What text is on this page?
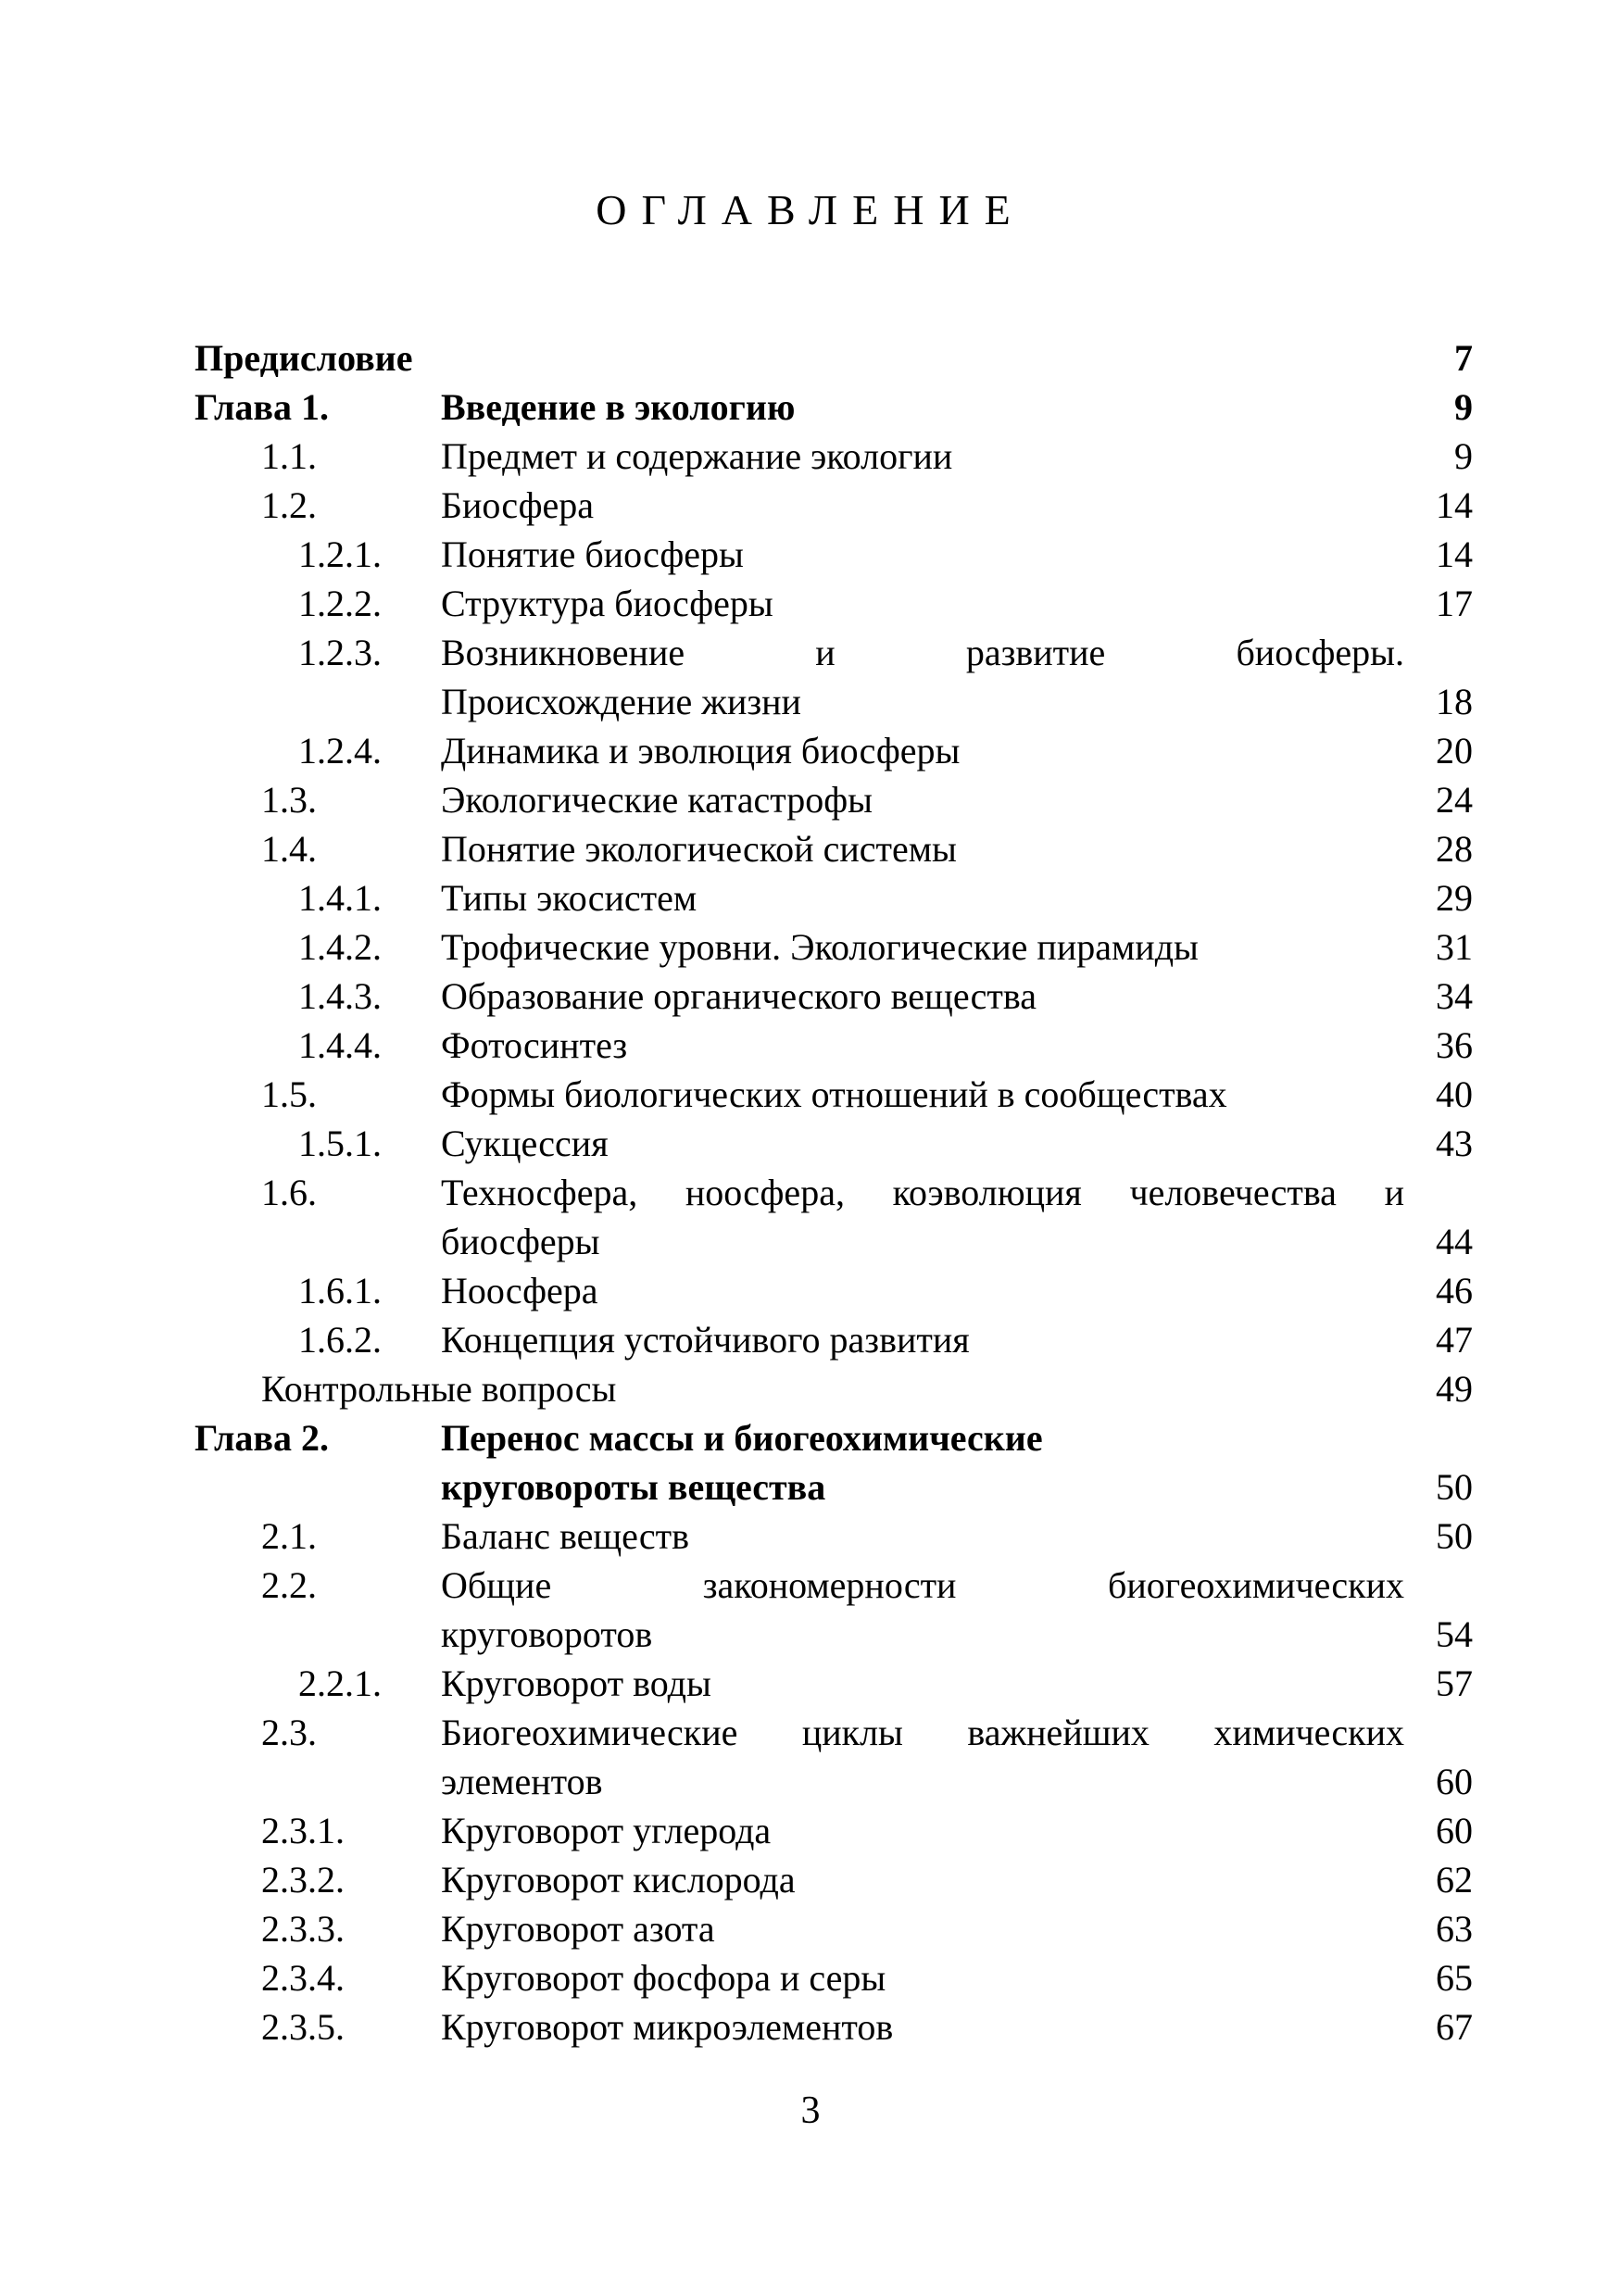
ОГЛАВЛЕНИЕ
Предисловие	7
Глава 1.	Введение в экологию	9
1.1.	Предмет и содержание экологии	9
1.2.	Биосфера	14
1.2.1. Понятие биосферы	14
1.2.2. Структура биосферы	17
1.2.3. Возникновение и развитие биосферы.
Происхождение жизни	18
1.2.4. Динамика и эволюция биосферы	20
1.3.	Экологические катастрофы	24
1.4.	Понятие экологической системы	28
1.4.1. Типы экосистем	29
1.4.2. Трофические уровни. Экологические пирамиды	31
1.4.3. Образование органического вещества	34
1.4.4. Фотосинтез	36
1.5.	Формы биологических отношений в сообществах	40
1.5.1. Сукцессия	43
1.6.	Техносфера, ноосфера, коэволюция человечества и
биосферы	44
1.6.1. Ноосфера	46
1.6.2. Концепция устойчивого развития	47
Контрольные вопросы	49
Глава 2.	Перенос массы и биогеохимические
круговороты вещества	50
2.1.	Баланс веществ	50
2.2.	Общие закономерности биогеохимических
круговоротов	54
2.2.1. Круговорот воды	57
2.3.	Биогеохимические циклы важнейших химических
элементов	60
2.3.1.	Круговорот углерода	60
2.3.2.	Круговорот кислорода	62
2.3.3.	Круговорот азота	63
2.3.4.	Круговорот фосфора и серы	65
2.3.5.	Круговорот микроэлементов	67
3
